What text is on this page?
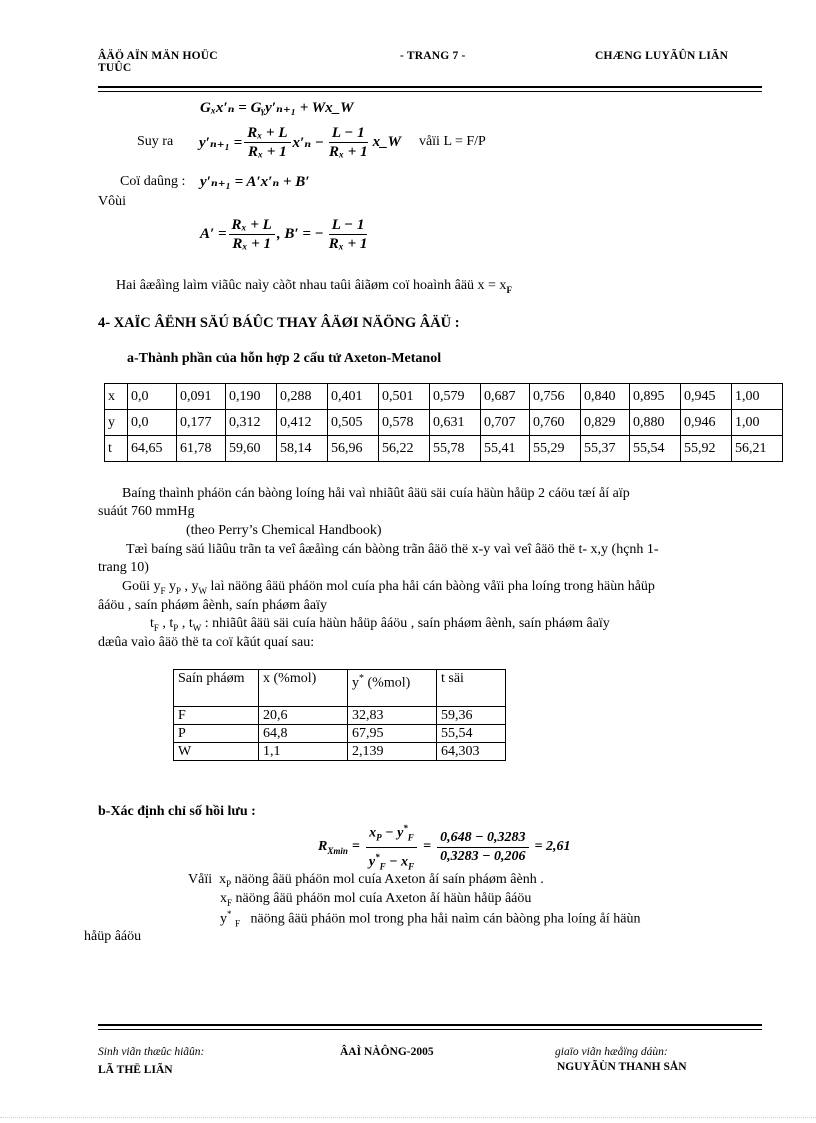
ÂÄÖ AÏN MÄN HOÜC
TUÛC
- TRANG 7 -	CHÆNG LUYÃÛN LIÃN
Gₓx′ₙ = Gᵧy′ₙ₊₁ + Wx_W
Suy ra	$y'_{n+1} = \frac{\text{Rₓ + L}}{\text{Rₓ + 1}} x'_n - \frac{L - 1}{\text{Rₓ + 1}}$ x_W våïi L = F/P
Coï daûng : y′ₙ₊₁ = A′x′ₙ + B′
Vôùi
$A' = \frac{\text{Rₓ + L}}{\text{Rₓ + 1}}$ , B′ = − $\frac{L - 1}{\text{Rₓ + 1}}$
Hai âæåìng laìm viãûc naìy càõt nhau taûi âiãøm coï hoaình âäü $x = x_F$
4- XAÏC ÂËNH SÄÚ BÁÛC THAY ÂÄØI NÄÖNG ÂÄÜ :
a-Thành phần của hỗn hợp 2 cấu tử Axeton-Metanol
x	0,0	0,091	0,190	0,288	0,401	0,501	0,579	0,687	0,756	0,840	0,895	0,945	1,00
y	0,0	0,177	0,312	0,412	0,505	0,578	0,631	0,707	0,760	0,829	0,880	0,946	1,00
t	64,65	61,78	59,60	58,14	56,96	56,22	55,78	55,41	55,29	55,37	55,54	55,92	56,21
Baíng thaình pháön cán bàòng loíng håi vaì nhiãût âäü säi cuía häùn håüp 2 cáöu tæí åí aïp
suáút 760 mmHg
(theo Perry’s Chemical Handbook)
Tæì baíng säú liãûu trãn ta veî âæåìng cán bàòng trãn âäö thë x-y vaì veî âäö thë t- x,y (hçnh 1-
trang 10)
Goüi $y_F$ $y_P$ , $y_W$ laì näöng âäü pháön mol cuía pha håi cán bàòng våïi pha loíng trong häùn håüp
âáöu , saín pháøm âènh, saín pháøm âaïy
$t_F$ , $t_P$ , $t_W$ : nhiãût âäü säi cuía häùn håüp âáöu , saín pháøm âènh, saín pháøm âaïy
dæûa vaìo âäö thë ta coï kãút quaí sau:
Saín pháøm	x (%mol)	y* (%mol)	t säi
F	20,6	32,83	59,36
P	64,8	67,95	55,54
W	1,1	2,139	64,303
b-Xác định chỉ số hồi lưu :
$R_{Xmin} = \frac{x_P - y^*_F}{y^*_F - x_F} = \frac{0,648 - 0,3283}{0,3283 - 0,206} = 2,61$
Våïi $x_P$ näöng âäü pháön mol cuía Axeton åí saín pháøm âènh .
$x_F$ näöng âäü pháön mol cuía Axeton åí häùn håüp âáöu
y* $_F$ näöng âäü pháön mol trong pha håi naìm cán bàòng pha loíng åí häùn
håüp âáöu
Sinh viãn thæûc hiãûn:
LÃ THË LIÃN
ÂAÌ NÀÔNG-2005	giaïo viãn hæåïng dáùn:
NGUYÃÙN THANH SÅN
